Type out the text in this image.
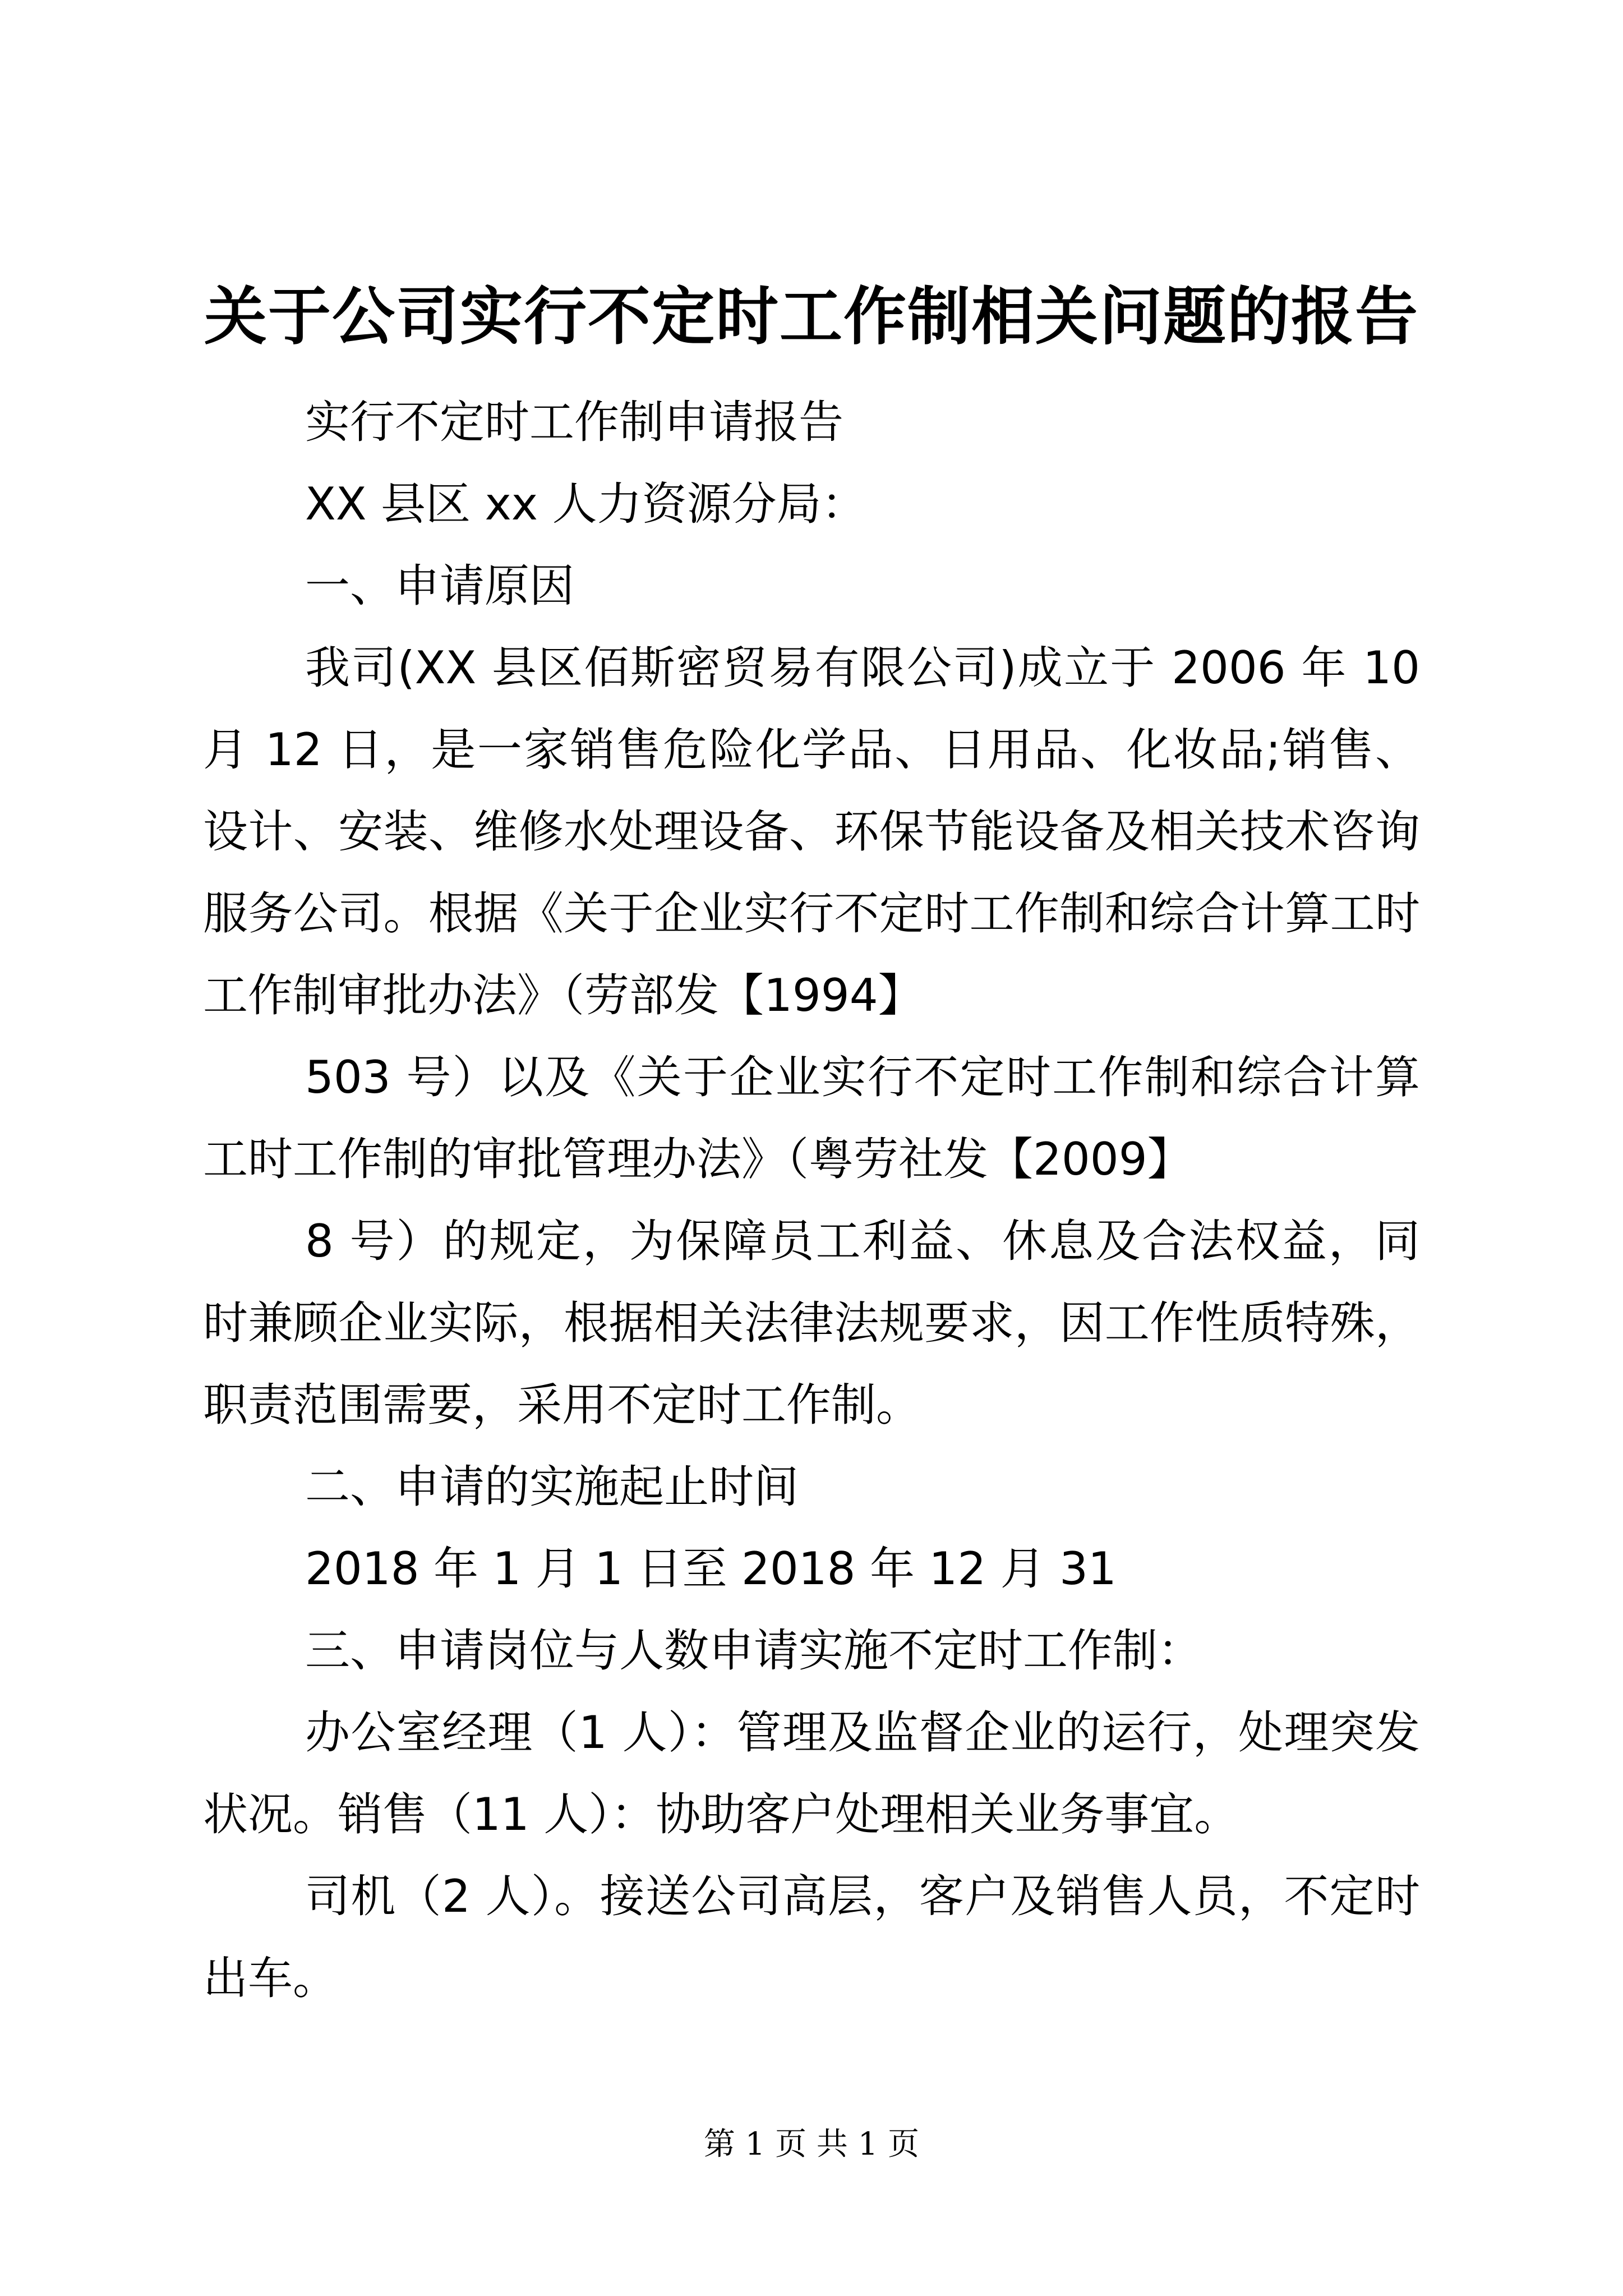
关于公司实行不定时工作制相关问题的报告

实行不定时工作制申请报告

XX 县区 xx 人力资源分局：

一、申请原因

我司(XX 县区佰斯密贸易有限公司)成立于 2006 年 10 月 12 日，是一家销售危险化学品、日用品、化妆品;销售、设计、安装、维修水处理设备、环保节能设备及相关技术咨询服务公司。根据《关于企业实行不定时工作制和综合计算工时工作制审批办法》（劳部发【1994】

503 号）以及《关于企业实行不定时工作制和综合计算工时工作制的审批管理办法》（粤劳社发【2009】

8 号）的规定，为保障员工利益、休息及合法权益，同时兼顾企业实际，根据相关法律法规要求，因工作性质特殊，职责范围需要，采用不定时工作制。

二、申请的实施起止时间

2018 年 1 月 1 日至 2018 年 12 月 31

三、申请岗位与人数申请实施不定时工作制：

办公室经理（1 人）：管理及监督企业的运行，处理突发状况。销售（11 人）：协助客户处理相关业务事宜。

司机（2 人）。接送公司高层，客户及销售人员，不定时出车。

第 1 页 共 1 页
